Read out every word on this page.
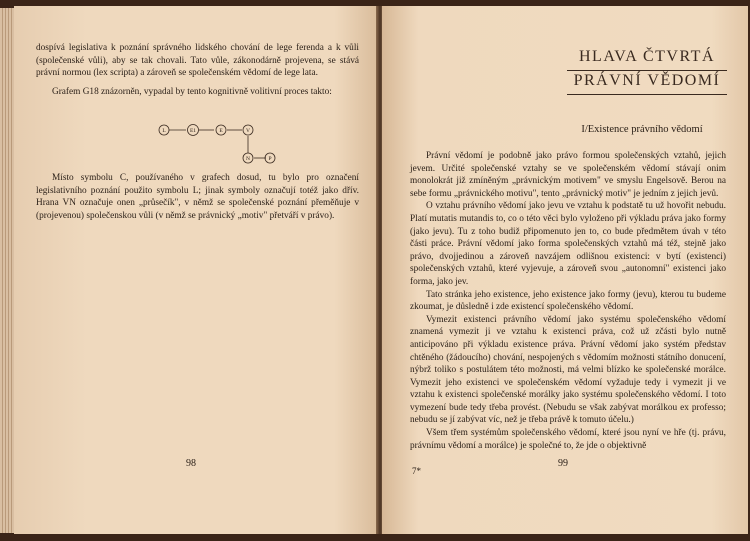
dospívá legislativa k poznání správného lidského chování de lege ferenda a k vůli (společenské vůli), aby se tak chovali. Tato vůle, zákonodárně projevena, se stává právní normou (lex scripta) a zároveň se společenském vědomí de lege lata.

Grafem G18 znázorněn, vypadal by tento kognitivně volitivní proces takto:

L	E1	E	V
N	P
Místo symbolu C, používaného v grafech dosud, tu bylo pro označení legislativního poznání použito symbolu L; jinak symboly označují totéž jako dřív. Hrana VN označuje onen „průsečík", v němž se společenské poznání přeměňuje v (projevenou) společenskou vůli (v němž se právnický „motiv" přetváří v právo).
98
HLAVA ČTVRTÁ
PRÁVNÍ VĚDOMÍ
I/Existence právního vědomí

Právní vědomí je podobně jako právo formou společenských vztahů, jejich jevem. Určité společenské vztahy se ve společenském vědomí stávají onim monolokrát již zmíněným „právnickým motivem" ve smyslu Engelsově. Berou na sebe formu „právnického motivu", tento „právnický motiv" je jedním z jejich jevů.

O vztahu právního vědomí jako jevu ve vztahu k podstatě tu už hovořit nebudu. Platí mutatis mutandis to, co o této věci bylo vyloženo při výkladu práva jako formy (jako jevu). Tu z toho budiž připomenuto jen to, co bude předmětem úvah v této části práce. Právní vědomí jako forma společenských vztahů má též, stejně jako právo, dvojjedinou a zároveň navzájem odlišnou existenci: v bytí (existenci) společenských vztahů, které vyjevuje, a zároveň svou „autonomní" existenci jako forma, jako jev.

Tato stránka jeho existence, jeho existence jako formy (jevu), kterou tu budeme zkoumat, je důsledně i zde existencí společenského vědomí.

Vymezit existenci právního vědomí jako systému společenského vědomí znamená vymezit ji ve vztahu k existenci práva, což už zčásti bylo nutně anticipováno při výkladu existence práva. Právní vědomí jako systém představ chtěného (žádoucího) chování, nespojených s vědomím možnosti státního donucení, nýbrž toliko s postulátem této možnosti, má velmi blízko ke společenské morálce. Vymezit jeho existenci ve společenském vědomí vyžaduje tedy i vymezit ji ve vztahu k existenci společenské morálky jako systému společenského vědomí. I toto vymezení bude tedy třeba provést. (Nebudu se však zabývat morálkou ex professo; nebudu se jí zabývat víc, než je třeba právě k tomuto účelu.)

Všem třem systémům společenského vědomí, které jsou nyní ve hře (tj. právu, právnímu vědomí a morálce) je společné to, že jde o objektivně

7*
99
